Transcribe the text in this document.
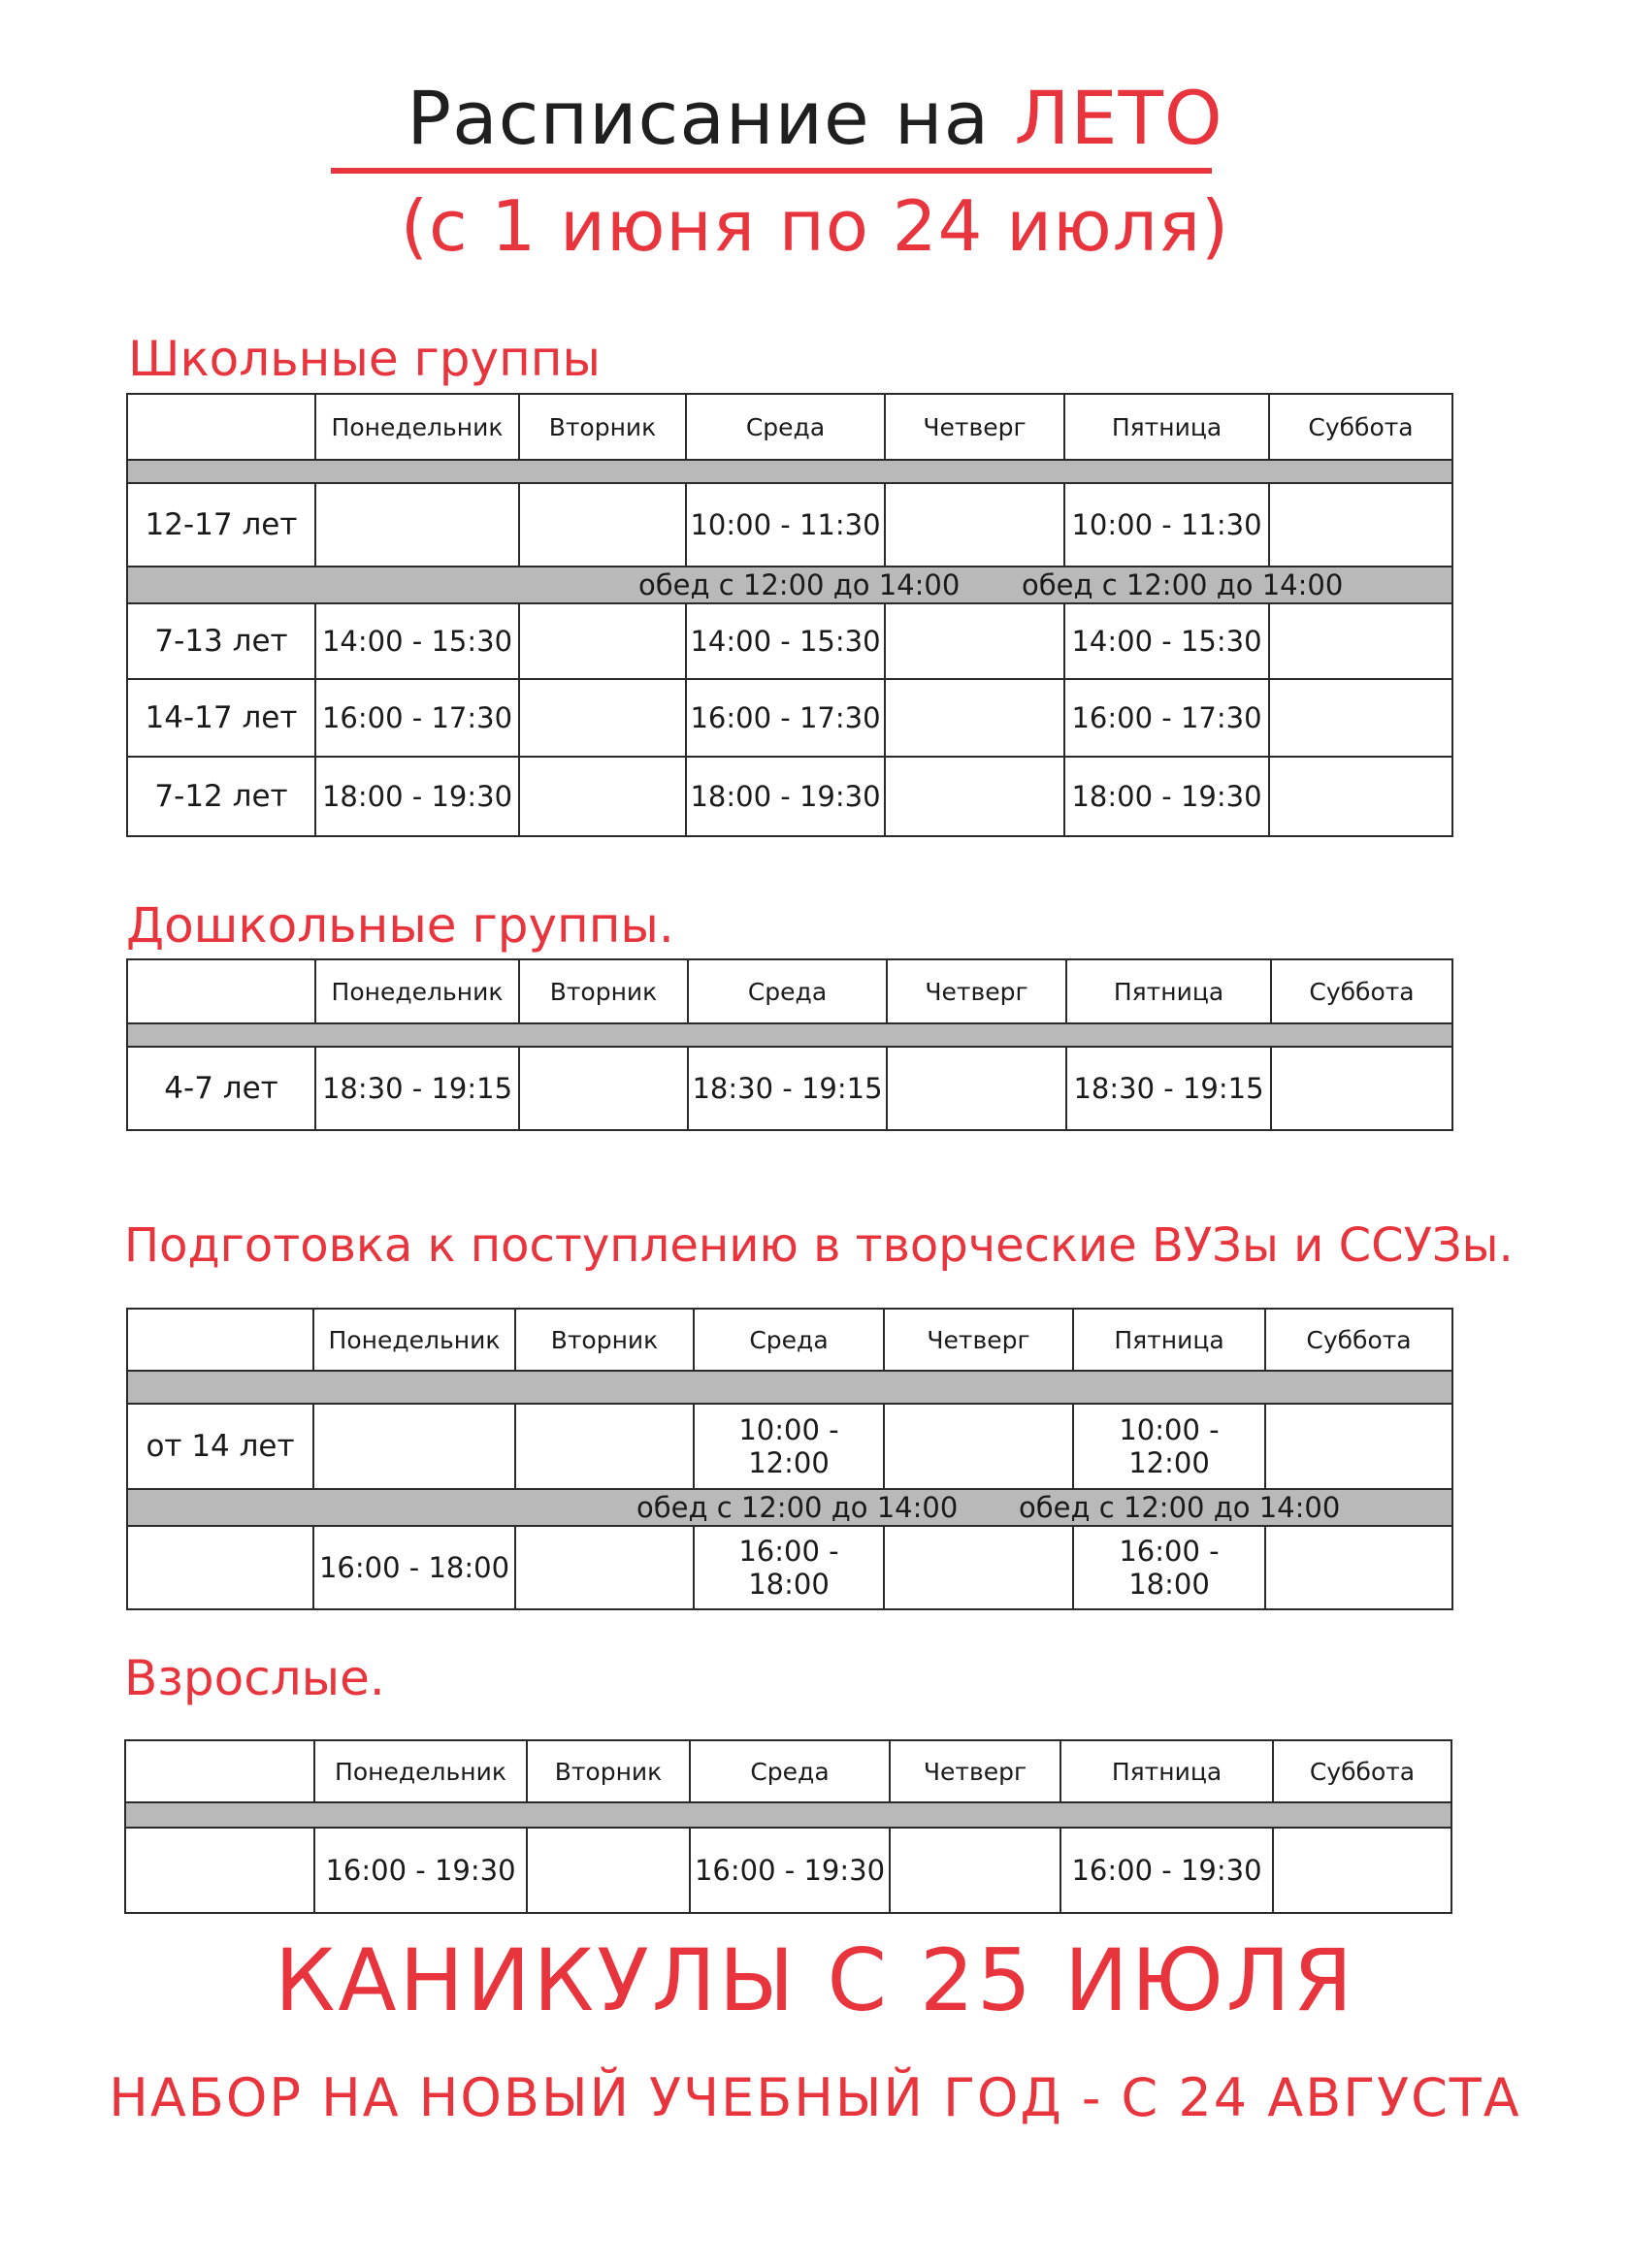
Расписание на ЛЕТО
(с 1 июня по 24 июля)
Школьные группы
	Понедельник	Вторник	Среда	Четверг	Пятница	Суббота

12-17 лет			10:00 - 11:30		10:00 - 11:30	

			обед с 12:00 до 14:00		обед с 12:00 до 14:00	

7-13 лет	14:00 - 15:30		14:00 - 15:30		14:00 - 15:30	
14-17 лет	16:00 - 17:30		16:00 - 17:30		16:00 - 17:30	
7-12 лет	18:00 - 19:30		18:00 - 19:30		18:00 - 19:30	
Дошкольные группы.
	Понедельник	Вторник	Среда	Четверг	Пятница	Суббота

4-7 лет	18:30 - 19:15		18:30 - 19:15		18:30 - 19:15	
Подготовка к поступлению в творческие ВУЗы и ССУЗы.
	Понедельник	Вторник	Среда	Четверг	Пятница	Суббота

от 14 лет			10:00 - 12:00		10:00 - 12:00	

			обед с 12:00 до 14:00		обед с 12:00 до 14:00	

	16:00 - 18:00		16:00 - 18:00		16:00 - 18:00	
Взрослые.
	Понедельник	Вторник	Среда	Четверг	Пятница	Суббота

	16:00 - 19:30		16:00 - 19:30		16:00 - 19:30	
КАНИКУЛЫ С 25 ИЮЛЯ
НАБОР НА НОВЫЙ УЧЕБНЫЙ ГОД - С 24 АВГУСТА
